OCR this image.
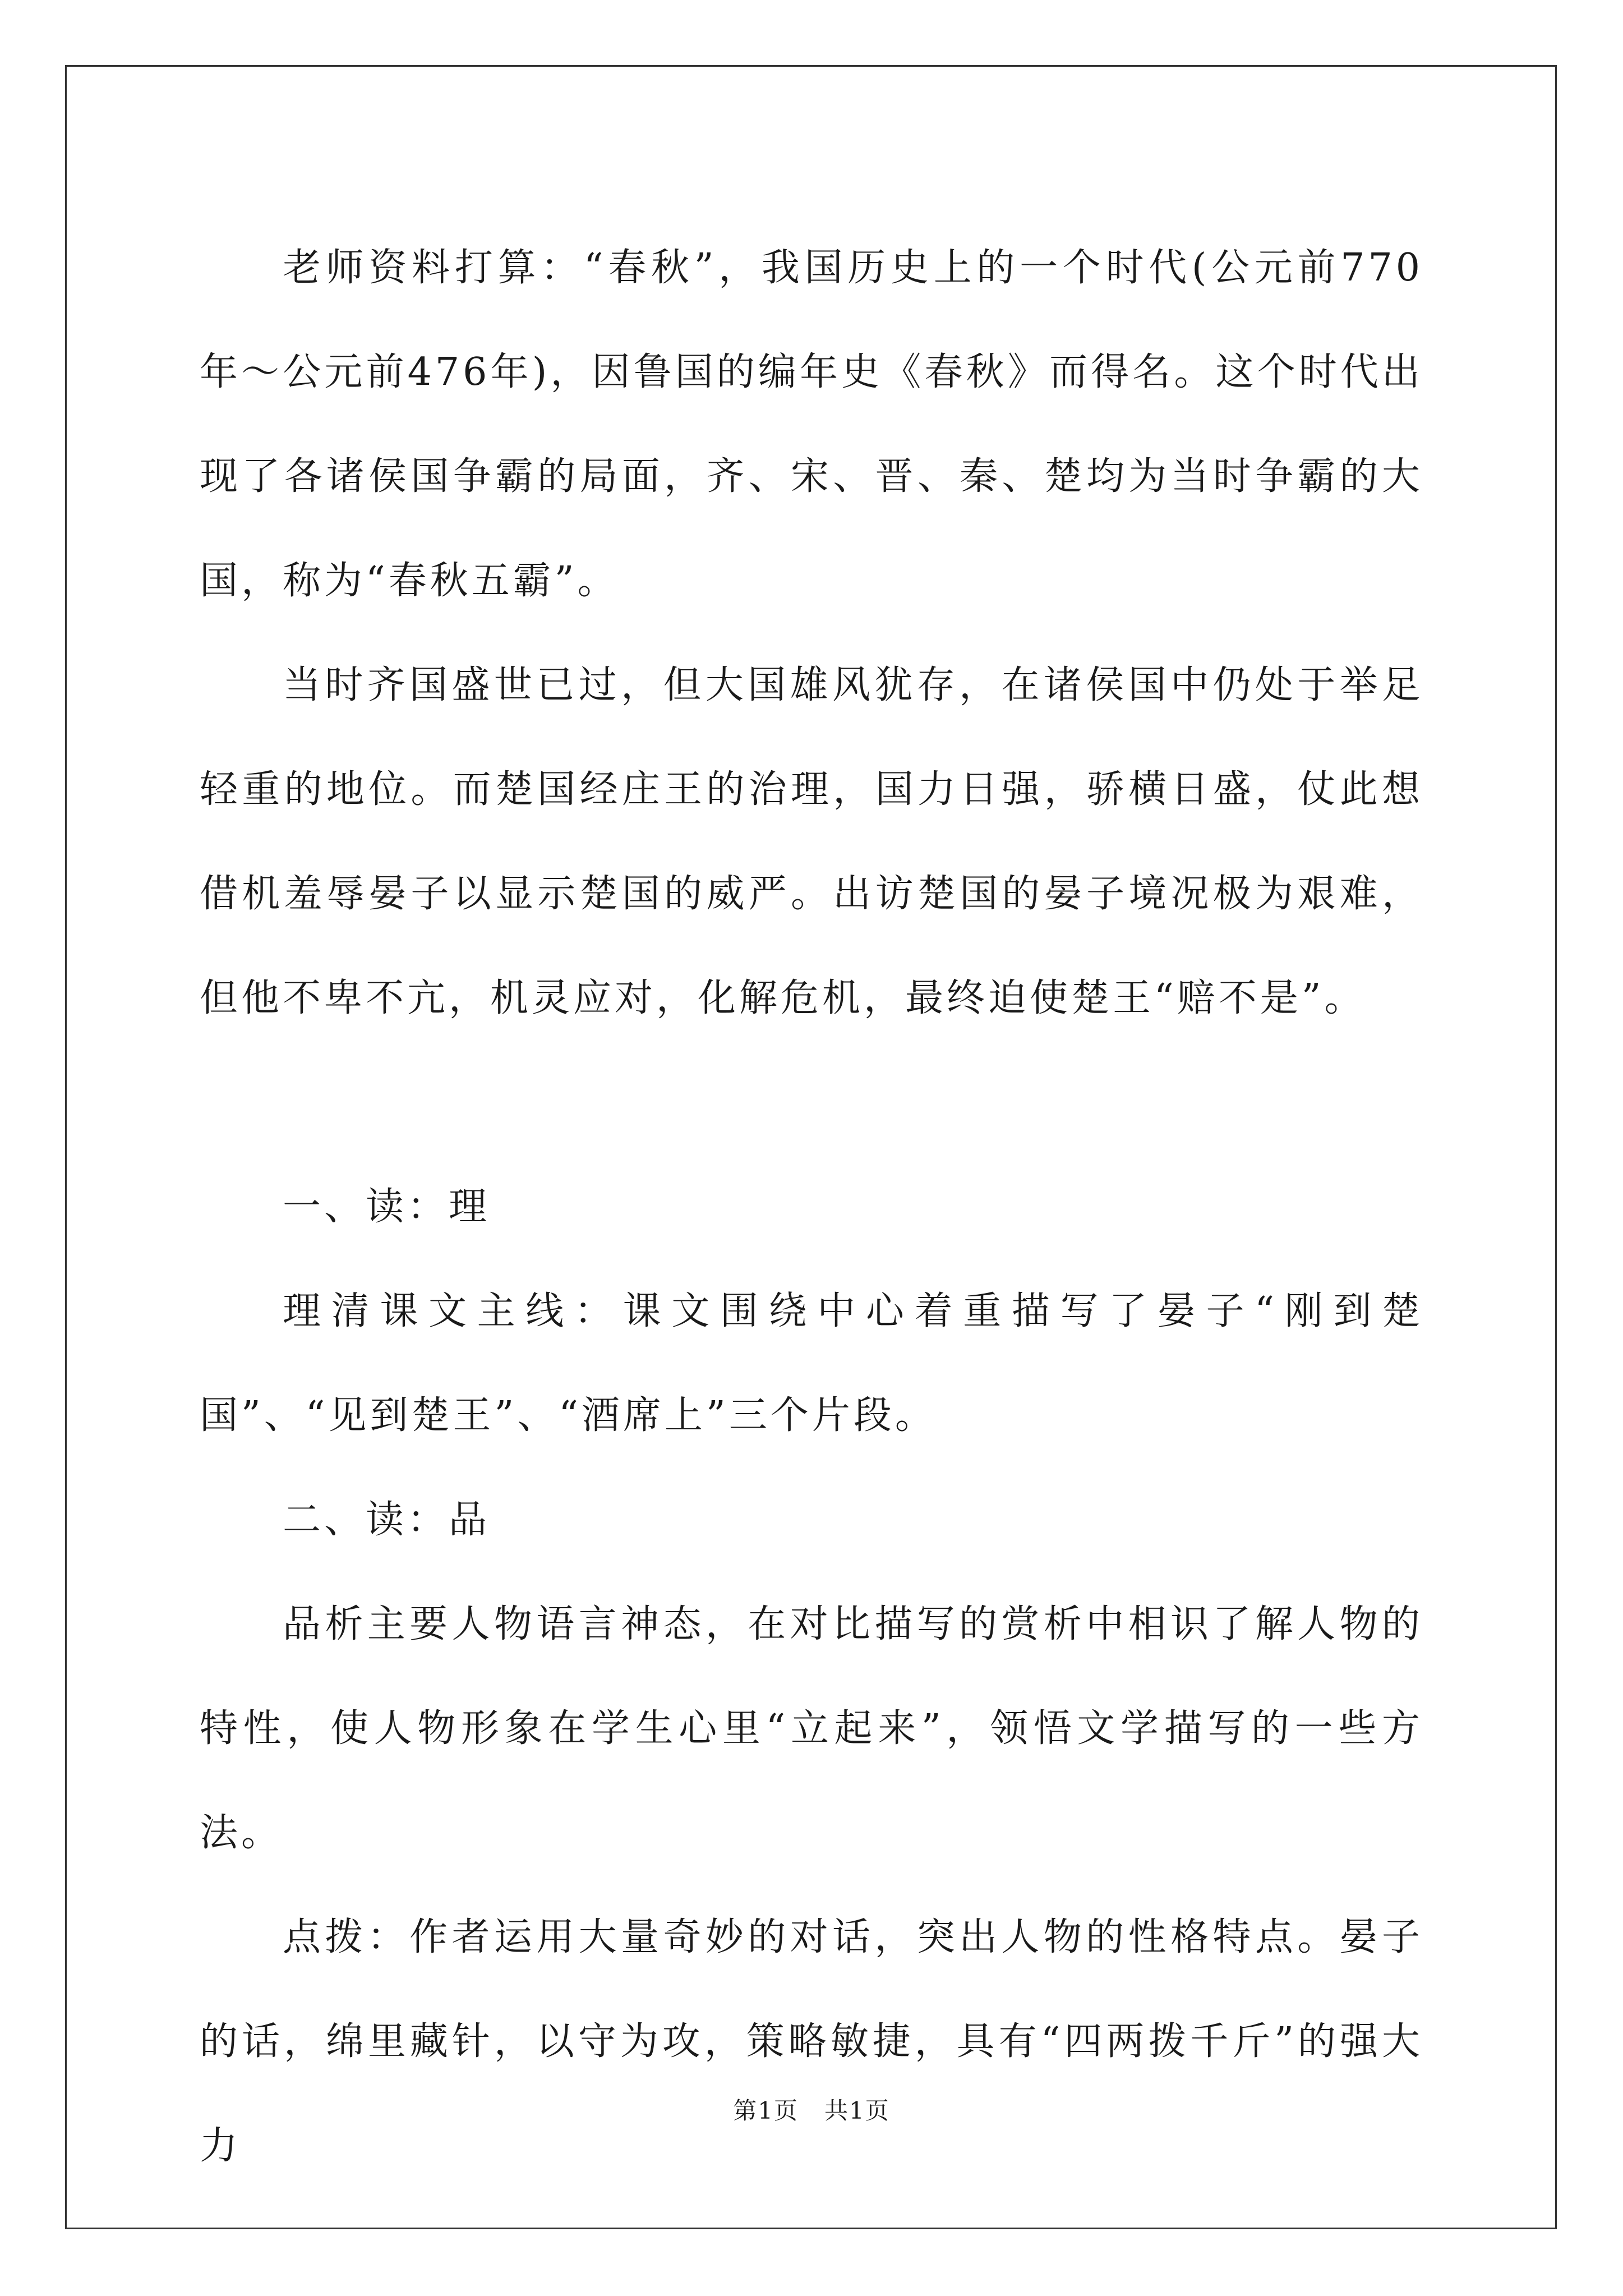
老师资料打算：“春秋”，我国历史上的一个时代(公元前770年～公元前476年)，因鲁国的编年史《春秋》而得名。这个时代出现了各诸侯国争霸的局面，齐、宋、晋、秦、楚均为当时争霸的大国，称为“春秋五霸”。

当时齐国盛世已过，但大国雄风犹存，在诸侯国中仍处于举足轻重的地位。而楚国经庄王的治理，国力日强，骄横日盛，仗此想借机羞辱晏子以显示楚国的威严。出访楚国的晏子境况极为艰难，但他不卑不亢，机灵应对，化解危机，最终迫使楚王“赔不是”。

一、读：理

理清课文主线：课文围绕中心着重描写了晏子“刚到楚国”、“见到楚王”、“酒席上”三个片段。

二、读：品

品析主要人物语言神态，在对比描写的赏析中相识了解人物的特性，使人物形象在学生心里“立起来”，领悟文学描写的一些方法。

点拨：作者运用大量奇妙的对话，突出人物的性格特点。晏子的话，绵里藏针，以守为攻，策略敏捷，具有“四两拨千斤”的强大力

第1页 共1页
